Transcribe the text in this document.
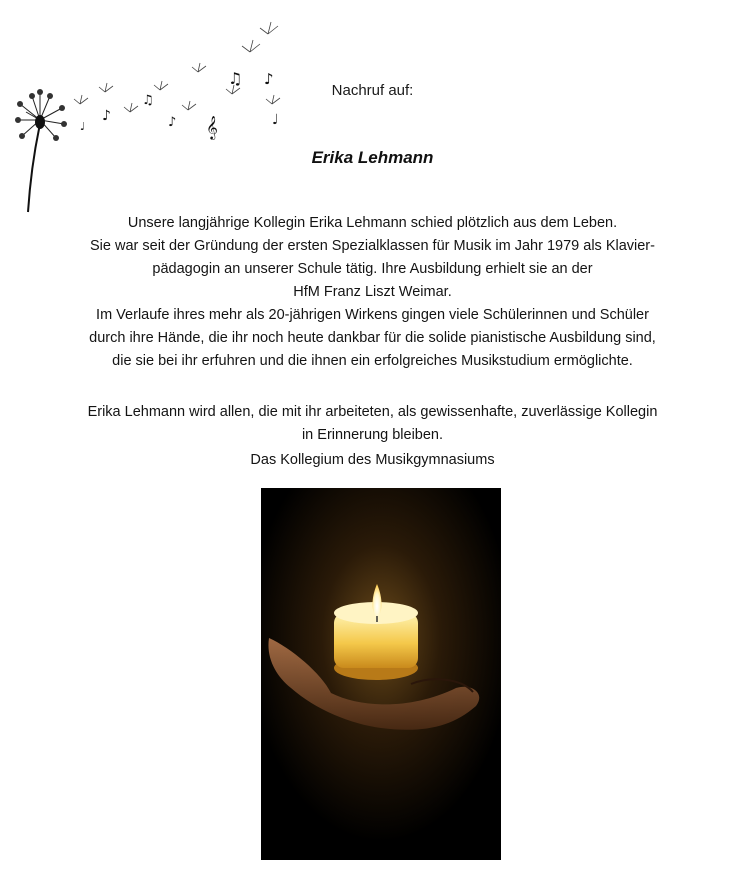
♪
♫
♪ 𝄞
♫ ♪
♩
♩
Nachruf auf:
Erika Lehmann
Unsere langjährige Kollegin Erika Lehmann schied plötzlich aus dem Leben.
Sie war seit der Gründung der ersten Spezialklassen für Musik im Jahr 1979 als Klavier-
pädagogin an unserer Schule tätig. Ihre Ausbildung erhielt sie an der
HfM Franz Liszt Weimar.
Im Verlaufe ihres mehr als 20-jährigen Wirkens gingen viele Schülerinnen und Schüler
durch ihre Hände, die ihr noch heute dankbar für die solide pianistische Ausbildung sind,
die sie bei ihr erfuhren und die ihnen ein erfolgreiches Musikstudium ermöglichte.
Erika Lehmann wird allen, die mit ihr arbeiteten, als gewissenhafte, zuverlässige Kollegin
in Erinnerung bleiben.
Das Kollegium des Musikgymnasiums
